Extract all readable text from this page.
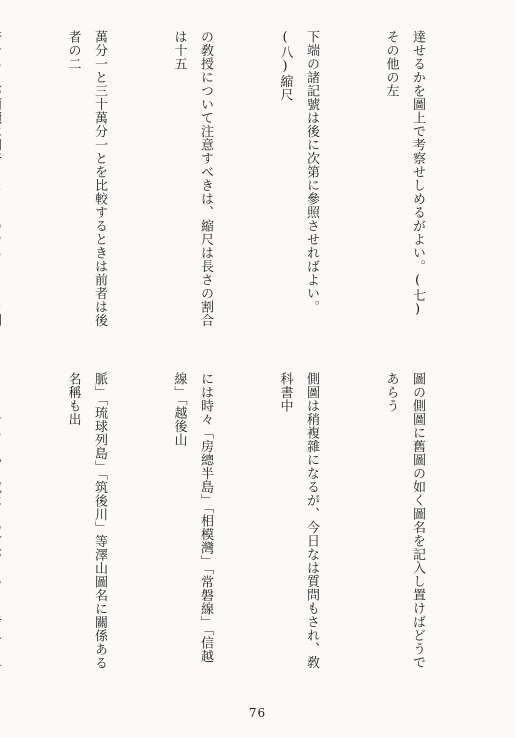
達せるかを圖上で考察せしめるがよい。(七)その他の左

下端の諸記號は後に次第に參照させればよい。(八)縮尺

の敎授について注意すべきは、縮尺は長さの割合は十五

萬分一と三十萬分一とを比較するときは前者は後者の二

圖の側圖に舊圖の如く圖名を記入し置けばどうであらう

側圖は稍複雜になるが、今日なは質問もされ、敎科書中

には時々「房總半島」「相模灣」「常磐線」「信越線」「越後山

脈」「琉球列島」「筑後川」等澤山圖名に關係ある名稱も出

76
